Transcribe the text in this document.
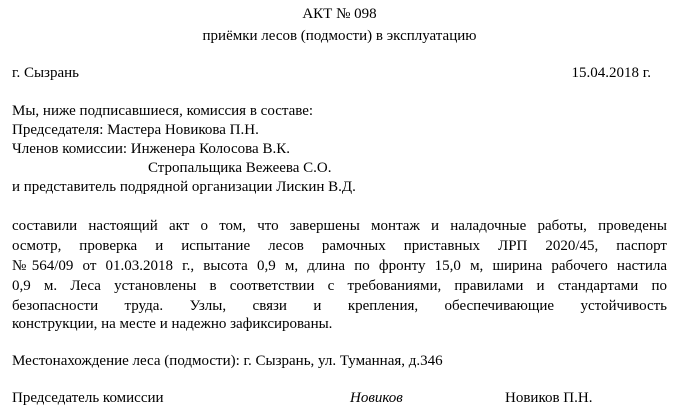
АКТ № 098
приёмки лесов (подмости) в эксплуатацию
г. Сызрань	15.04.2018 г.
Мы, ниже подписавшиеся, комиссия в составе:
Председателя: Мастера Новикова П.Н.
Членов комиссии: Инженера Колосова В.К.
Стропальщика Вежеева С.О.
и представитель подрядной организации Лискин В.Д.
составили настоящий акт о том, что завершены монтаж и наладочные работы, проведены
осмотр, проверка и испытание лесов рамочных приставных ЛРП 2020/45, паспорт
№564/09 от 01.03.2018 г., высота 0,9 м, длина по фронту 15,0 м, ширина рабочего настила
0,9 м. Леса установлены в соответствии с требованиями, правилами и стандартами по
безопасности труда. Узлы, связи и крепления, обеспечивающие устойчивость
конструкции, на месте и надежно зафиксированы.
Местонахождение леса (подмости): г. Сызрань, ул. Туманная, д.346
Председатель комиссии	Новиков	Новиков П.Н.
